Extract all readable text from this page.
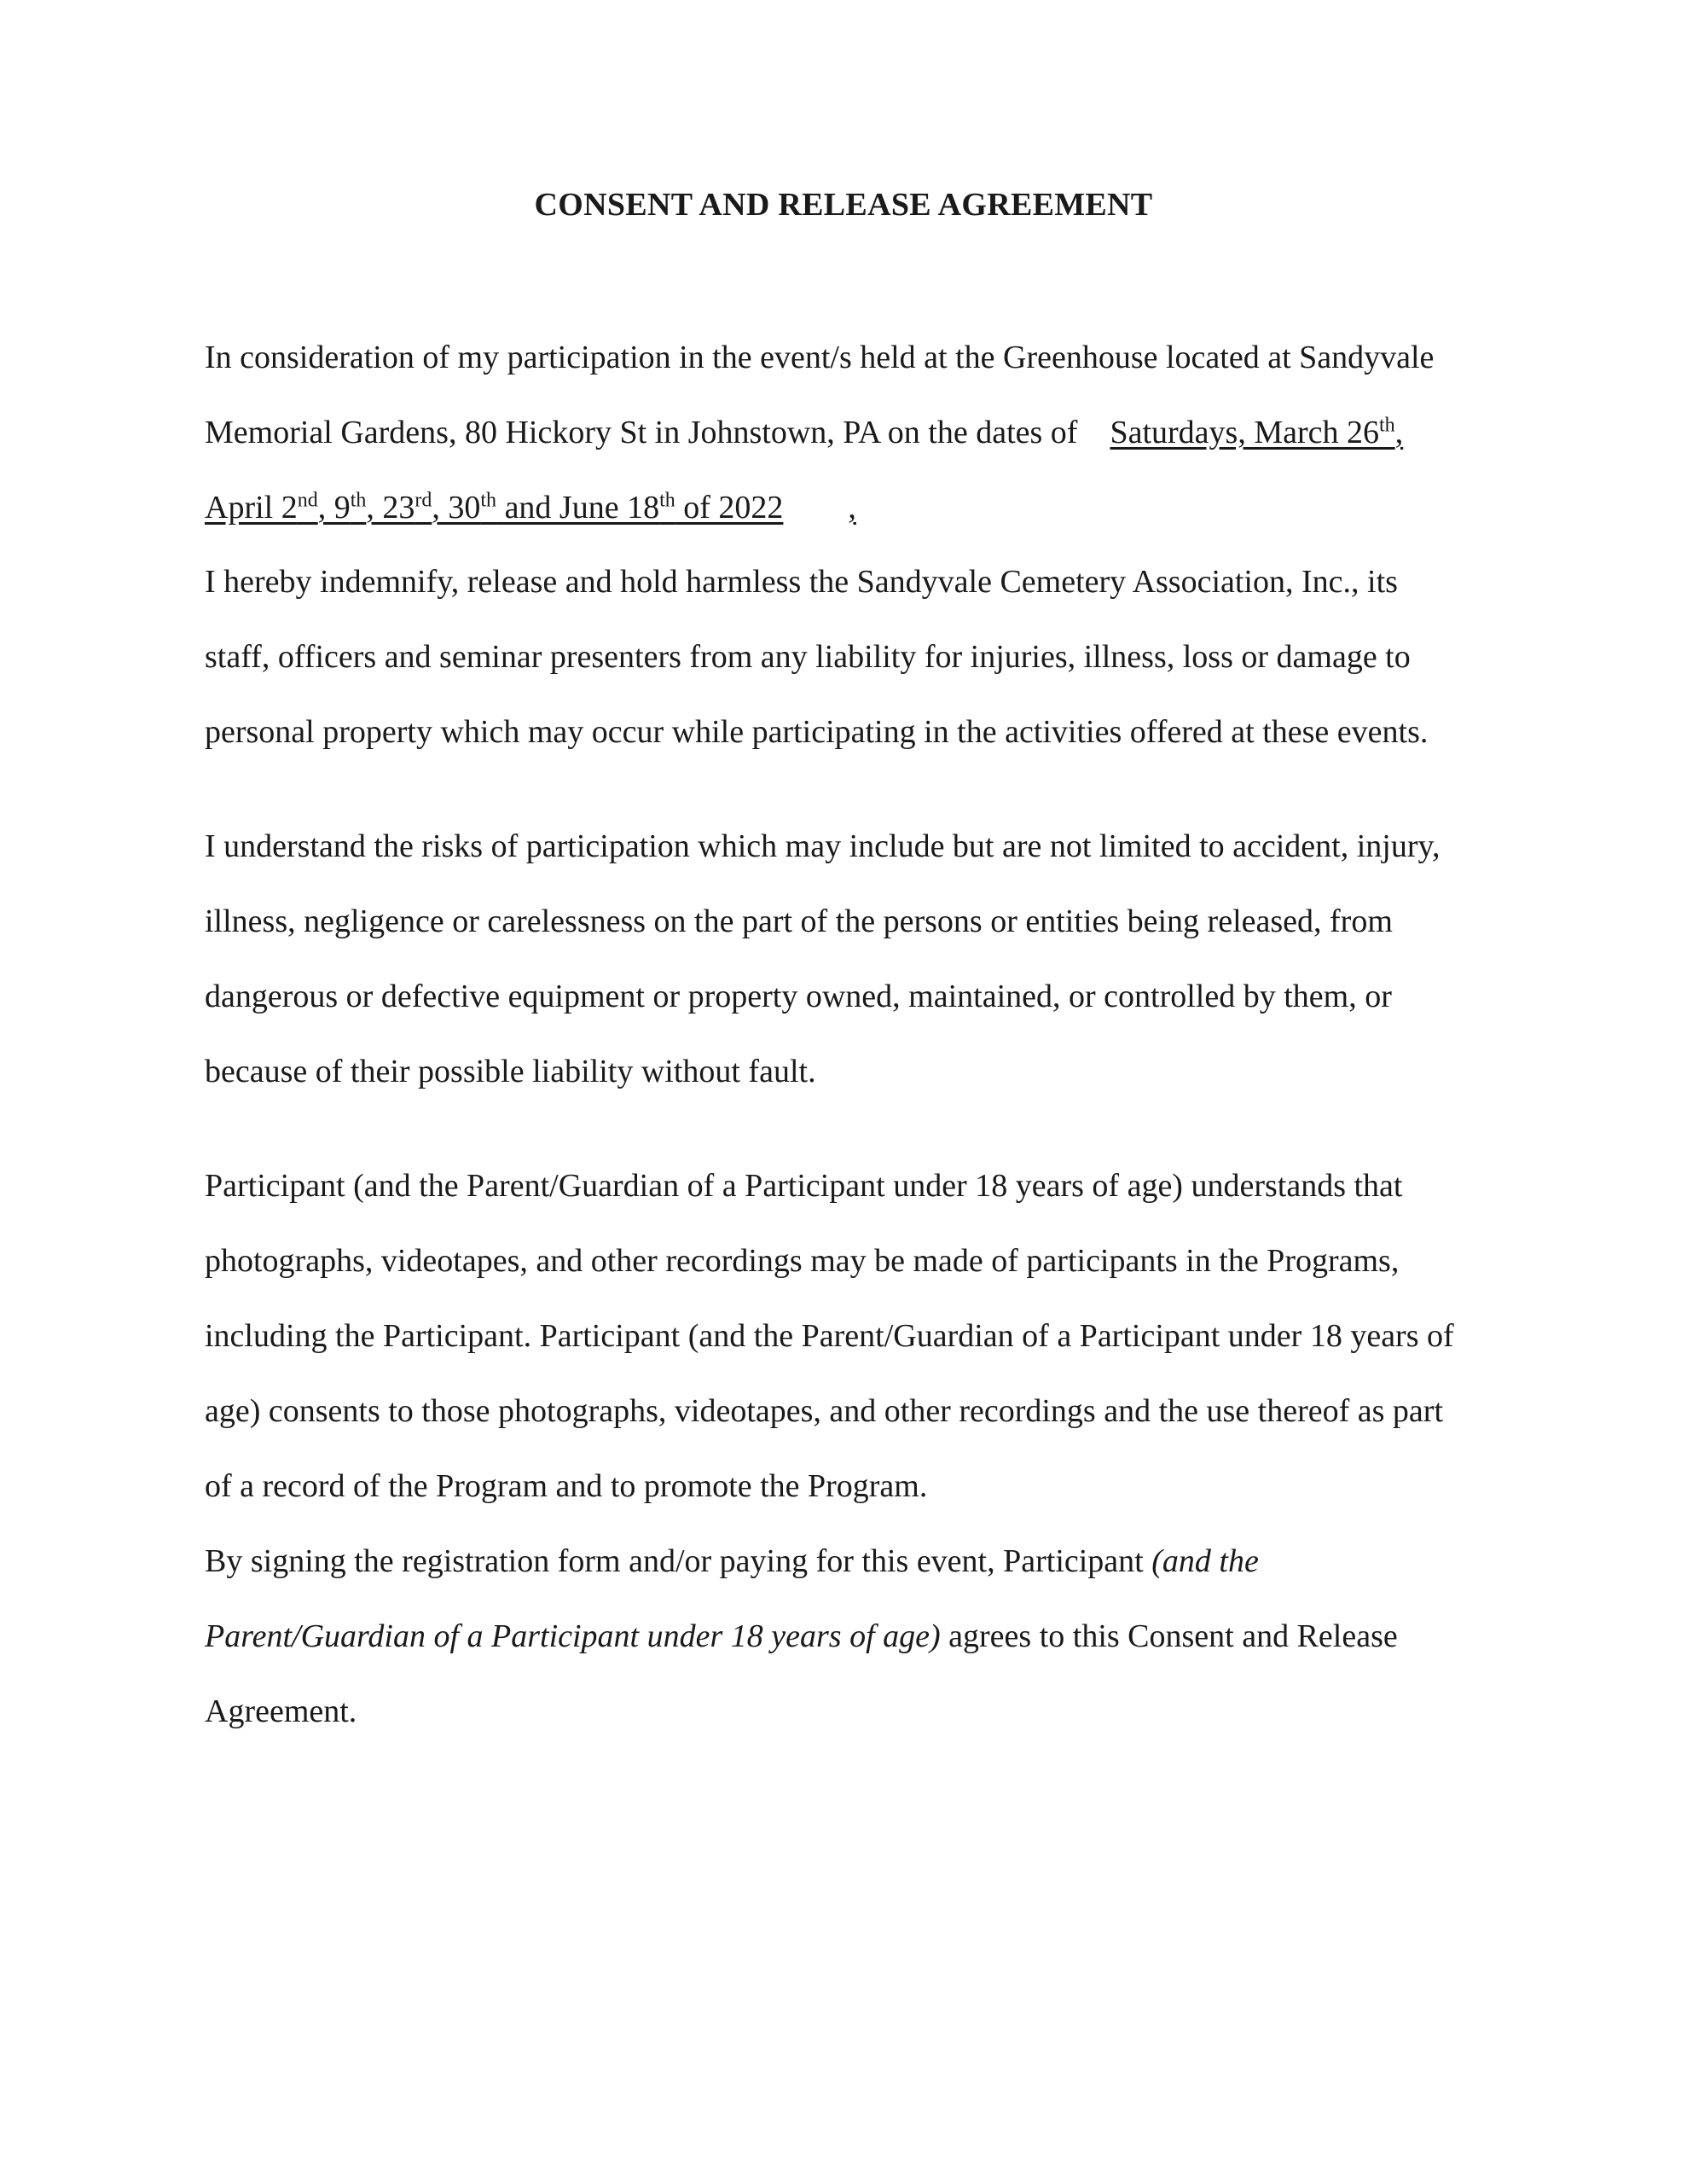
CONSENT AND RELEASE AGREEMENT
In consideration of my participation in the event/s held at the Greenhouse located at Sandyvale
Memorial Gardens, 80 Hickory St in Johnstown, PA on the dates of Saturdays, March 26th,
April 2nd, 9th, 23rd, 30th and June 18th of 2022 ,
I hereby indemnify, release and hold harmless the Sandyvale Cemetery Association, Inc., its
staff, officers and seminar presenters from any liability for injuries, illness, loss or damage to
personal property which may occur while participating in the activities offered at these events.
I understand the risks of participation which may include but are not limited to accident, injury,
illness, negligence or carelessness on the part of the persons or entities being released, from
dangerous or defective equipment or property owned, maintained, or controlled by them, or
because of their possible liability without fault.
Participant (and the Parent/Guardian of a Participant under 18 years of age) understands that
photographs, videotapes, and other recordings may be made of participants in the Programs,
including the Participant. Participant (and the Parent/Guardian of a Participant under 18 years of
age) consents to those photographs, videotapes, and other recordings and the use thereof as part
of a record of the Program and to promote the Program.
By signing the registration form and/or paying for this event, Participant (and the
Parent/Guardian of a Participant under 18 years of age) agrees to this Consent and Release
Agreement.
